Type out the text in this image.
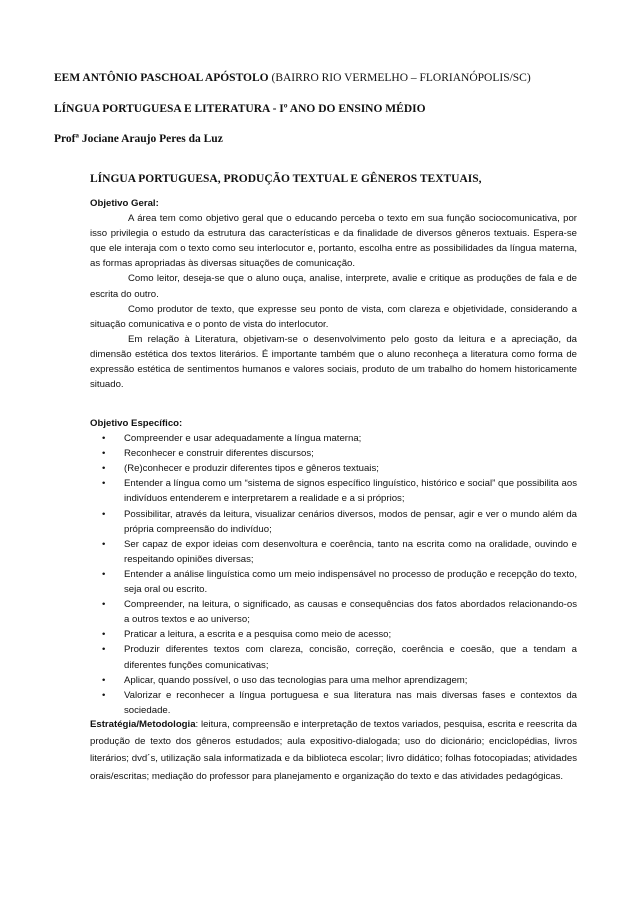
EEM ANTÔNIO PASCHOAL APÓSTOLO (BAIRRO RIO VERMELHO – FLORIANÓPOLIS/SC)
LÍNGUA PORTUGUESA E LITERATURA - Iº ANO DO ENSINO MÉDIO
Profª Jociane Araujo Peres da Luz
LÍNGUA PORTUGUESA, PRODUÇÃO TEXTUAL E GÊNEROS TEXTUAIS,
Objetivo Geral:

A área tem como objetivo geral que o educando perceba o texto em sua função sociocomunicativa, por isso privilegia o estudo da estrutura das características e da finalidade de diversos gêneros textuais. Espera-se que ele interaja com o texto como seu interlocutor e, portanto, escolha entre as possibilidades da língua materna, as formas apropriadas às diversas situações de comunicação.

Como leitor, deseja-se que o aluno ouça, analise, interprete, avalie e critique as produções de fala e de escrita do outro.

Como produtor de texto, que expresse seu ponto de vista, com clareza e objetividade, considerando a situação comunicativa e o ponto de vista do interlocutor.

Em relação à Literatura, objetivam-se o desenvolvimento pelo gosto da leitura e a apreciação, da dimensão estética dos textos literários. É importante também que o aluno reconheça a literatura como forma de expressão estética de sentimentos humanos e valores sociais, produto de um trabalho do homem historicamente situado.

Objetivo Específico:
• Compreender e usar adequadamente a língua materna;
• Reconhecer e construir diferentes discursos;
• (Re)conhecer e produzir diferentes tipos e gêneros textuais;
• Entender a língua como um “sistema de signos específico linguístico, histórico e social” que possibilita aos indivíduos entenderem e interpretarem a realidade e a si próprios;
• Possibilitar, através da leitura, visualizar cenários diversos, modos de pensar, agir e ver o mundo além da própria compreensão do indivíduo;
• Ser capaz de expor ideias com desenvoltura e coerência, tanto na escrita como na oralidade, ouvindo e respeitando opiniões diversas;
• Entender a análise linguística como um meio indispensável no processo de produção e recepção do texto, seja oral ou escrito.
• Compreender, na leitura, o significado, as causas e consequências dos fatos abordados relacionando-os a outros textos e ao universo;
• Praticar a leitura, a escrita e a pesquisa como meio de acesso;
• Produzir diferentes textos com clareza, concisão, correção, coerência e coesão, que a tendam a diferentes funções comunicativas;
• Aplicar, quando possível, o uso das tecnologias para uma melhor aprendizagem;
• Valorizar e reconhecer a língua portuguesa e sua literatura nas mais diversas fases e contextos da sociedade.

Estratégia/Metodologia: leitura, compreensão e interpretação de textos variados, pesquisa, escrita e reescrita da produção de texto dos gêneros estudados; aula expositivo-dialogada; uso do dicionário; enciclopédias, livros literários; dvd´s, utilização sala informatizada e da biblioteca escolar; livro didático; folhas fotocopiadas; atividades orais/escritas; mediação do professor para planejamento e organização do texto e das atividades pedagógicas.
